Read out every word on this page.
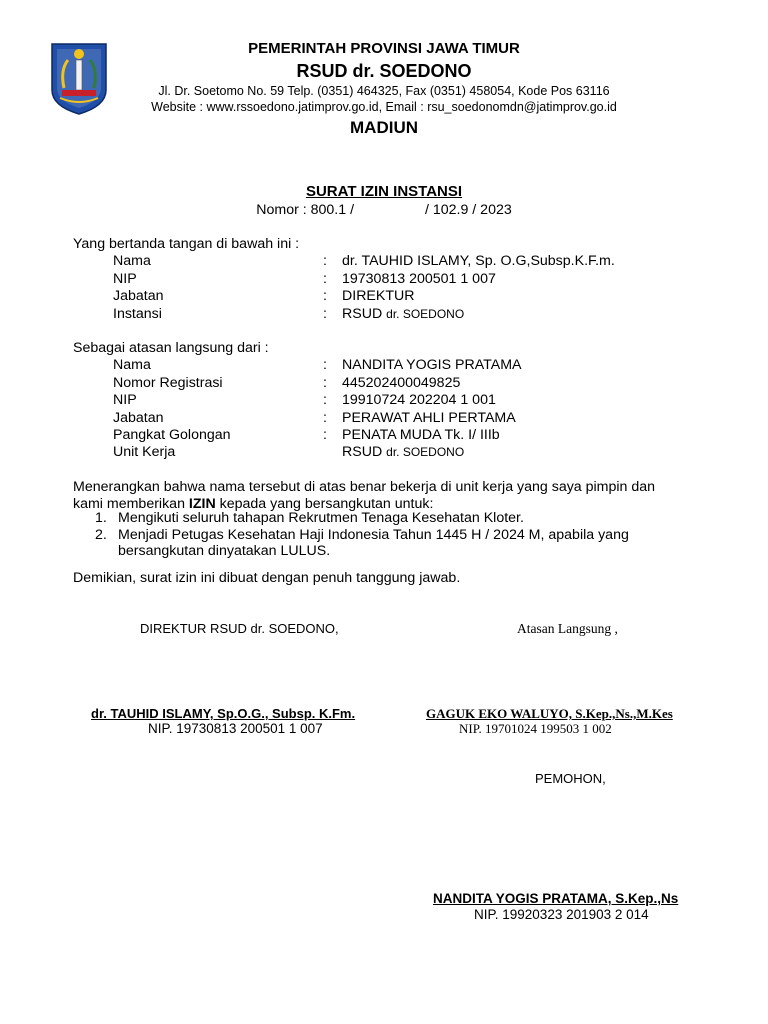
PEMERINTAH PROVINSI JAWA TIMUR
RSUD dr. SOEDONO
Jl. Dr. Soetomo No. 59 Telp. (0351) 464325, Fax (0351) 458054, Kode Pos 63116
Website : www.rssoedono.jatimprov.go.id, Email : rsu_soedonomdn@jatimprov.go.id
MADIUN
SURAT IZIN INSTANSI
Nomor : 800.1 /                  / 102.9 / 2023
Yang bertanda tangan di bawah ini :
Nama	: dr. TAUHID ISLAMY, Sp. O.G,Subsp.K.F.m.
NIP	: 19730813 200501 1 007
Jabatan	: DIREKTUR
Instansi	: RSUD dr. SOEDONO
Sebagai atasan langsung dari :
Nama	: NANDITA YOGIS PRATAMA
Nomor Registrasi	: 445202400049825
NIP	: 19910724 202204 1 001
Jabatan	: PERAWAT AHLI PERTAMA
Pangkat Golongan	: PENATA MUDA Tk. I/ IIIb
Unit Kerja	RSUD dr. SOEDONO
Menerangkan bahwa nama tersebut di atas benar bekerja di unit kerja yang saya pimpin dan
kami memberikan IZIN kepada yang bersangkutan untuk:
1. Mengikuti seluruh tahapan Rekrutmen Tenaga Kesehatan Kloter.
2. Menjadi Petugas Kesehatan Haji Indonesia Tahun 1445 H / 2024 M, apabila yang
bersangkutan dinyatakan LULUS.
Demikian, surat izin ini dibuat dengan penuh tanggung jawab.
DIREKTUR RSUD dr. SOEDONO,	Atasan Langsung ,
dr. TAUHID ISLAMY, Sp.O.G., Subsp. K.Fm.
NIP. 19730813 200501 1 007
GAGUK EKO WALUYO, S.Kep.,Ns.,M.Kes
NIP. 19701024 199503 1 002
PEMOHON,
NANDITA YOGIS PRATAMA, S.Kep.,Ns
NIP. 19920323 201903 2 014
